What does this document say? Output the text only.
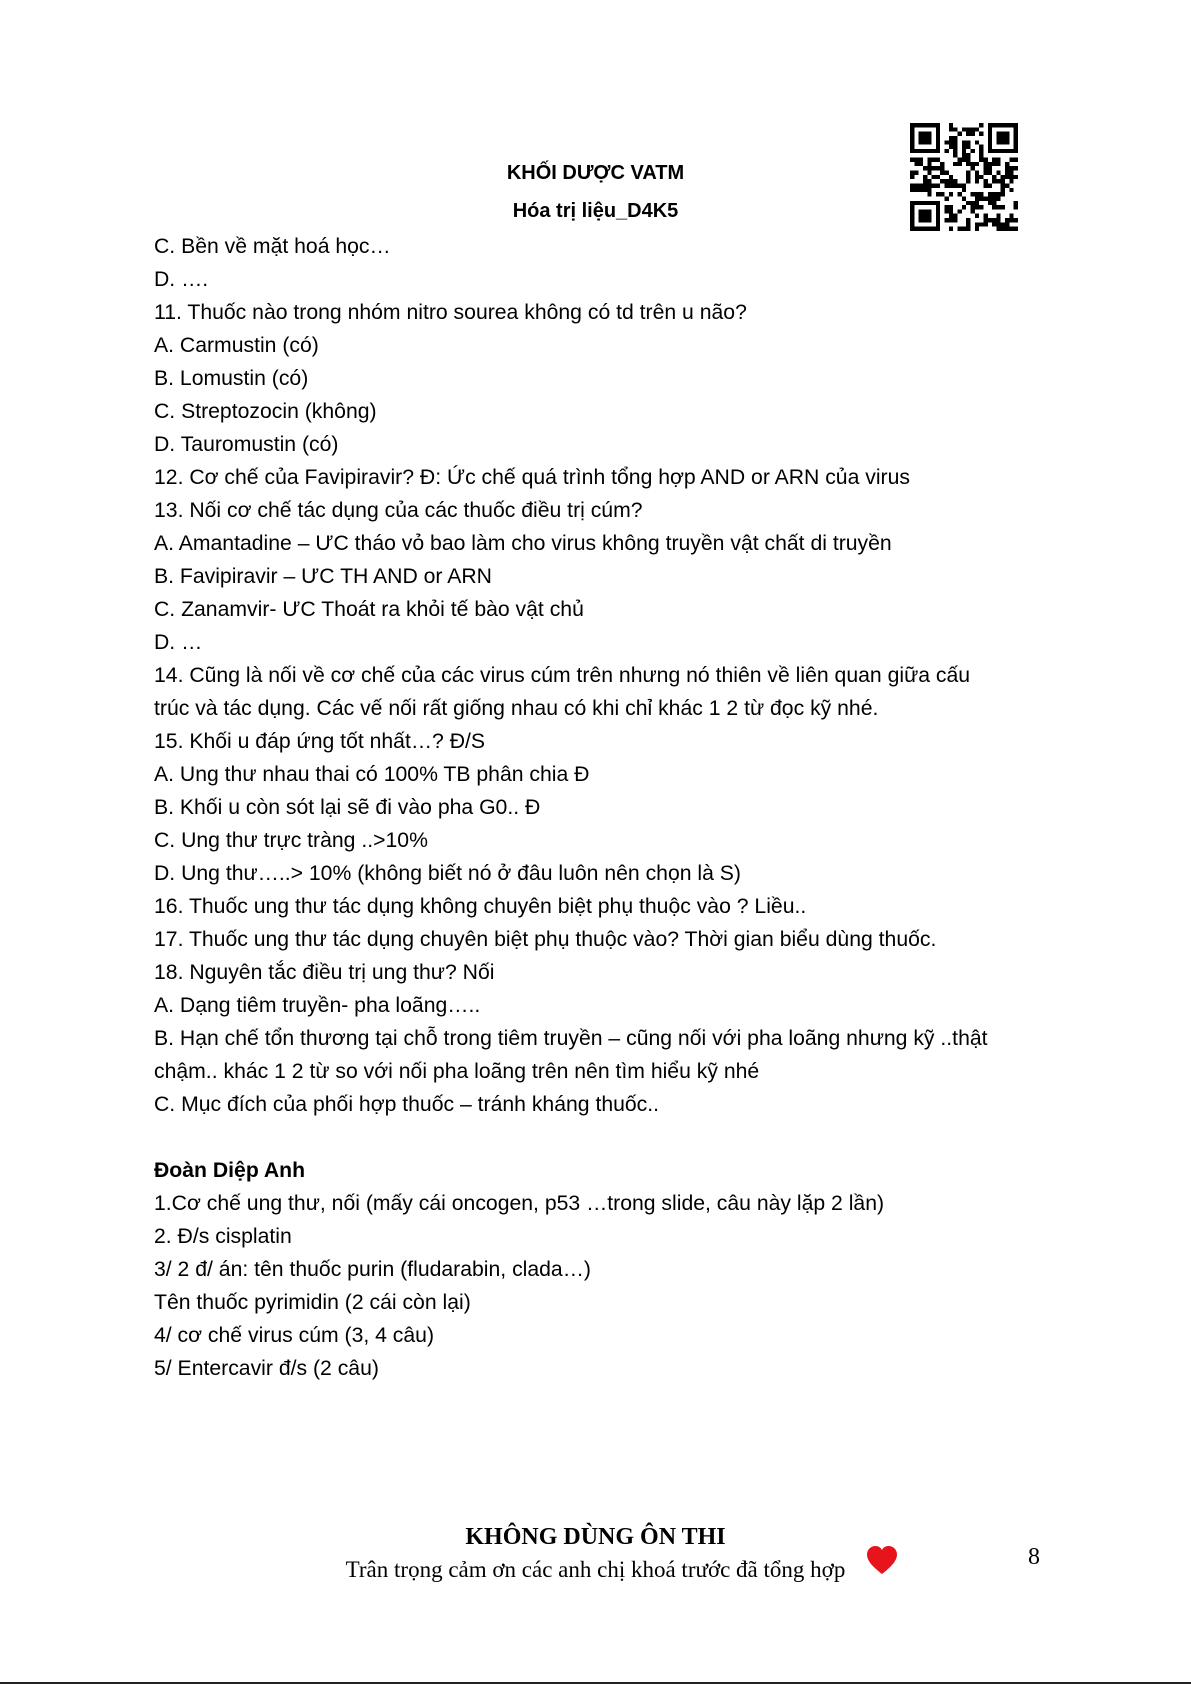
KHỐI DƯỢC VATM
Hóa trị liệu_D4K5
C. Bền về mặt hoá học…
D. ….
11. Thuốc nào trong nhóm nitro sourea không có td trên u não?
A. Carmustin (có)
B. Lomustin (có)
C. Streptozocin (không)
D. Tauromustin (có)
12. Cơ chế của Favipiravir? Đ: Ức chế quá trình tổng hợp AND or ARN của virus
13. Nối cơ chế tác dụng của các thuốc điều trị cúm?
A. Amantadine – ƯC tháo vỏ bao làm cho virus không truyền vật chất di truyền
B. Favipiravir – ƯC TH AND or ARN
C. Zanamvir- ƯC Thoát ra khỏi tế bào vật chủ
D. …
14. Cũng là nối về cơ chế của các virus cúm trên nhưng nó thiên về liên quan giữa cấu
trúc và tác dụng. Các vế nối rất giống nhau có khi chỉ khác 1 2 từ đọc kỹ nhé.
15. Khối u đáp ứng tốt nhất…? Đ/S
A. Ung thư nhau thai có 100% TB phân chia Đ
B. Khối u còn sót lại sẽ đi vào pha G0.. Đ
C. Ung thư trực tràng ..>10%
D. Ung thư…..> 10% (không biết nó ở đâu luôn nên chọn là S)
16. Thuốc ung thư tác dụng không chuyên biệt phụ thuộc vào ? Liều..
17. Thuốc ung thư tác dụng chuyên biệt phụ thuộc vào? Thời gian biểu dùng thuốc.
18. Nguyên tắc điều trị ung thư? Nối
A. Dạng tiêm truyền- pha loãng…..
B. Hạn chế tổn thương tại chỗ trong tiêm truyền – cũng nối với pha loãng nhưng kỹ ..thật
chậm.. khác 1 2 từ so với nối pha loãng trên nên tìm hiểu kỹ nhé
C. Mục đích của phối hợp thuốc – tránh kháng thuốc..
Đoàn Diệp Anh
1.Cơ chế ung thư, nối (mấy cái oncogen, p53 …trong slide, câu này lặp 2 lần)
2. Đ/s cisplatin
3/ 2 đ/ án: tên thuốc purin (fludarabin, clada…)
Tên thuốc pyrimidin (2 cái còn lại)
4/ cơ chế virus cúm (3, 4 câu)
5/ Entercavir đ/s (2 câu)
KHÔNG DÙNG ÔN THI
Trân trọng cảm ơn các anh chị khoá trước đã tổng hợp	8
